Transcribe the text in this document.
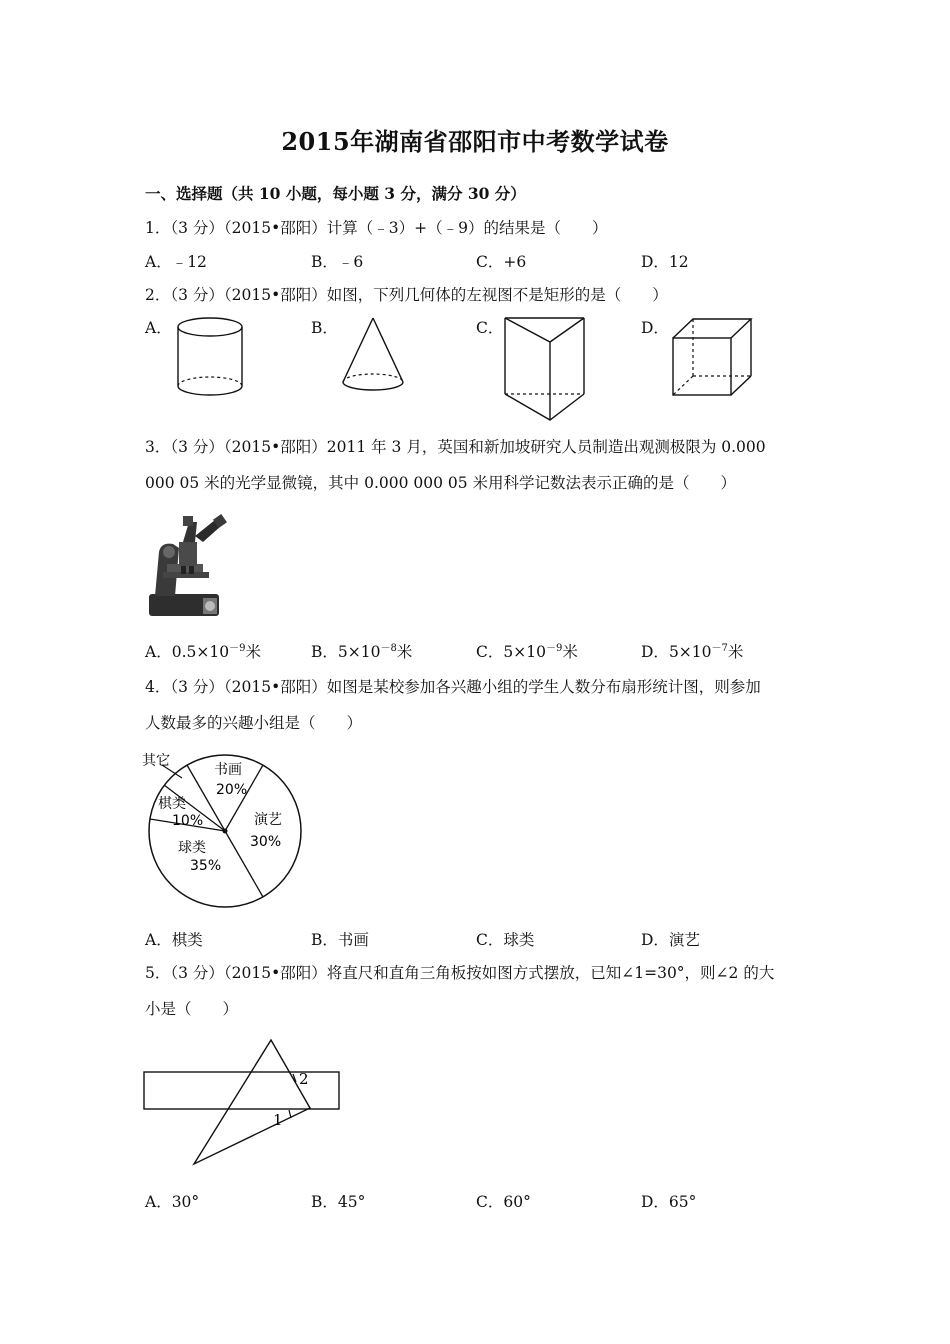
2015年湖南省邵阳市中考数学试卷
一、选择题（共 10 小题，每小题 3 分，满分 30 分）
1．（3 分）（2015•邵阳）计算（﹣3）+（﹣9）的结果是（　　）
A．﹣12	B．﹣6	C．+6	D．12
2．（3 分）（2015•邵阳）如图，下列几何体的左视图不是矩形的是（　　）
A．	B．	C．	D．
3．（3 分）（2015•邵阳）2011 年 3 月，英国和新加坡研究人员制造出观测极限为 0.000
000 05 米的光学显微镜，其中 0.000 000 05 米用科学记数法表示正确的是（　　）
A．$0.5\times 10^{-9}$米	B．$5\times 10^{-8}$米	C．$5\times 10^{-9}$米	D．$5\times 10^{-7}$米
4．（3 分）（2015•邵阳）如图是某校参加各兴趣小组的学生人数分布扇形统计图，则参加
人数最多的兴趣小组是（　　）
其它
书画
20%
演艺
30%
棋类
10%
球类
35%
A．棋类	B．书画	C．球类	D．演艺
5．（3 分）（2015•邵阳）将直尺和直角三角板按如图方式摆放，已知∠1=30°，则∠2 的大
小是（　　）
2
1
A．30°	B．45°	C．60°	D．65°
